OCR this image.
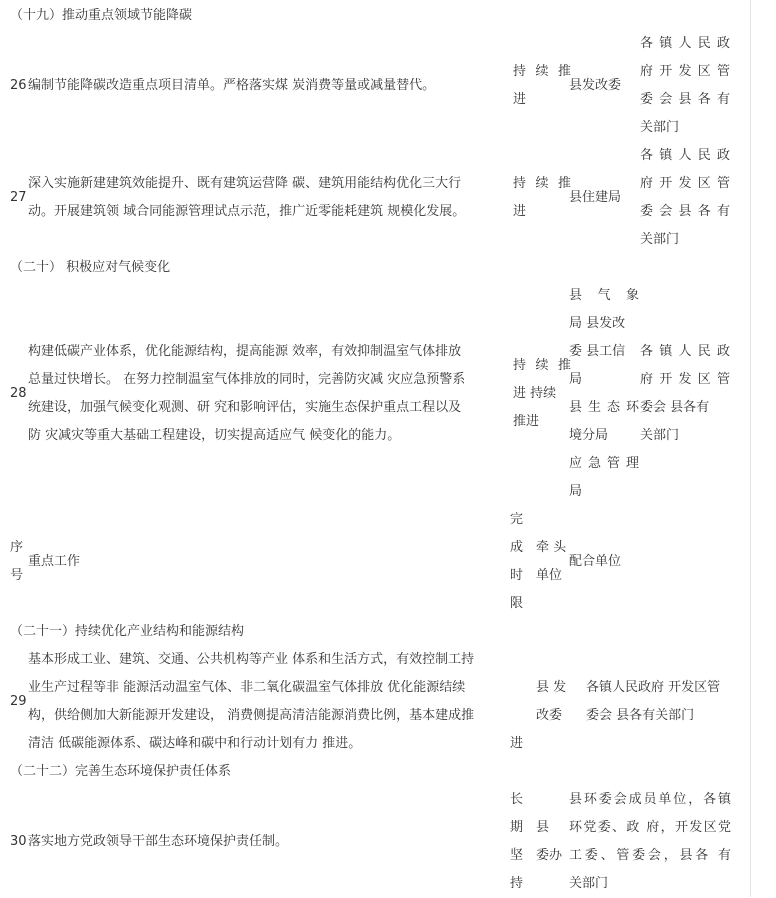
（十九）推动重点领域节能降碳
26 编制节能降碳改造重点项目清单。严格落实煤 炭消费等量或减量替代。
持 续 推
进
县发改委
各 镇 人 民 政
府 开 发 区 管
委 会 县 各 有
关部门
27
深入实施新建建筑效能提升、既有建筑运营降 碳、建筑用能结构优化三大行
动。开展建筑领 域合同能源管理试点示范，推广近零能耗建筑 规模化发展。
持 续 推
进
县住建局
各 镇 人 民 政
府 开 发 区 管
委 会 县 各 有
关部门
（二十） 积极应对气候变化
28
构建低碳产业体系，优化能源结构，提高能源 效率，有效抑制温室气体排放
总量过快增长。 在努力控制温室气体排放的同时，完善防灾减 灾应急预警系
统建设，加强气候变化观测、研 究和影响评估，实施生态保护重点工程以及
防 灾减灾等重大基础工程建设，切实提高适应气 候变化的能力。
持 续 推
进 持续
推进
县 气 象
局 县发改
委 县工信
局
县 生 态 环
境分局
应 急 管 理
局
各 镇 人 民 政
府 开 发 区 管
委会 县各有
关部门
序
号
重点工作
完
成
时
限
牵 头
单位
配合单位
（二十一）持续优化产业结构和能源结构
29
基本形成工业、建筑、交通、公共机构等产业 体系和生活方式，有效控制工持
业生产过程等非 能源活动温室气体、非二氧化碳温室气体排放 优化能源结续
构，供给侧加大新能源开发建设， 消费侧提高清洁能源消费比例，基本建成推
清洁 低碳能源体系、碳达峰和碳中和行动计划有力 推进。	进
县 发
改委
各镇人民政府 开发区管
委会 县各有关部门
（二十二）完善生态环境保护责任体系
30 落实地方党政领导干部生态环境保护责任制。
长
期
坚
持
县
委办
县环委会成员单位，各镇
环党委、政 府，开发区党
工委、管委会，县各 有
关部门
